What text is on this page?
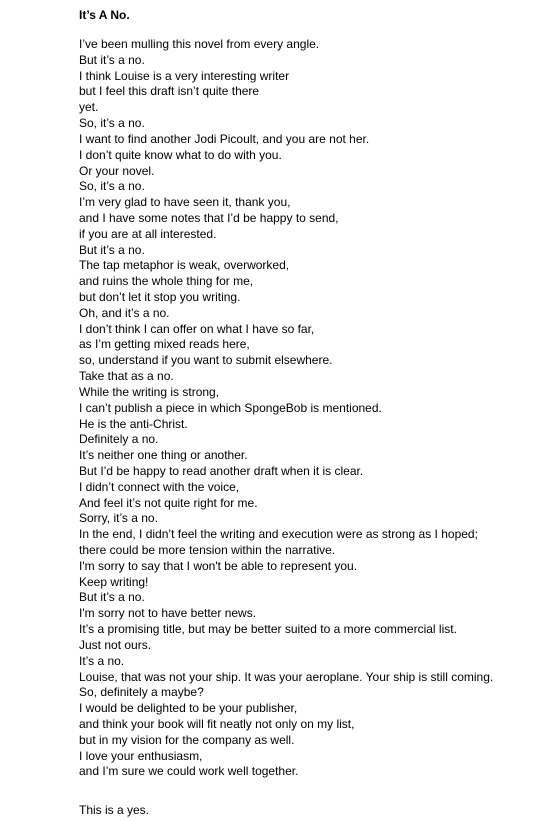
It’s A No.
I’ve been mulling this novel from every angle.
But it’s a no.
I think Louise is a very interesting writer
but I feel this draft isn’t quite there
yet.
So, it’s a no.
I want to find another Jodi Picoult, and you are not her.
I don’t quite know what to do with you.
Or your novel.
So, it’s a no.
I’m very glad to have seen it, thank you,
and I have some notes that I’d be happy to send,
if you are at all interested.
But it’s a no.
The tap metaphor is weak, overworked,
and ruins the whole thing for me,
but don’t let it stop you writing.
Oh, and it’s a no.
I don’t think I can offer on what I have so far,
as I’m getting mixed reads here,
so, understand if you want to submit elsewhere.
Take that as a no.
While the writing is strong,
I can’t publish a piece in which SpongeBob is mentioned.
He is the anti-Christ.
Definitely a no.
It’s neither one thing or another.
But I’d be happy to read another draft when it is clear.
I didn’t connect with the voice,
And feel it’s not quite right for me.
Sorry, it’s a no.
In the end, I didn’t feel the writing and execution were as strong as I hoped;
there could be more tension within the narrative.
I'm sorry to say that I won't be able to represent you.
Keep writing!
But it’s a no.
I'm sorry not to have better news.
It’s a promising title, but may be better suited to a more commercial list.
Just not ours.
It’s a no.
Louise, that was not your ship. It was your aeroplane. Your ship is still coming.
So, definitely a maybe?
I would be delighted to be your publisher,
and think your book will fit neatly not only on my list,
but in my vision for the company as well.
I love your enthusiasm,
and I’m sure we could work well together.

This is a yes.
